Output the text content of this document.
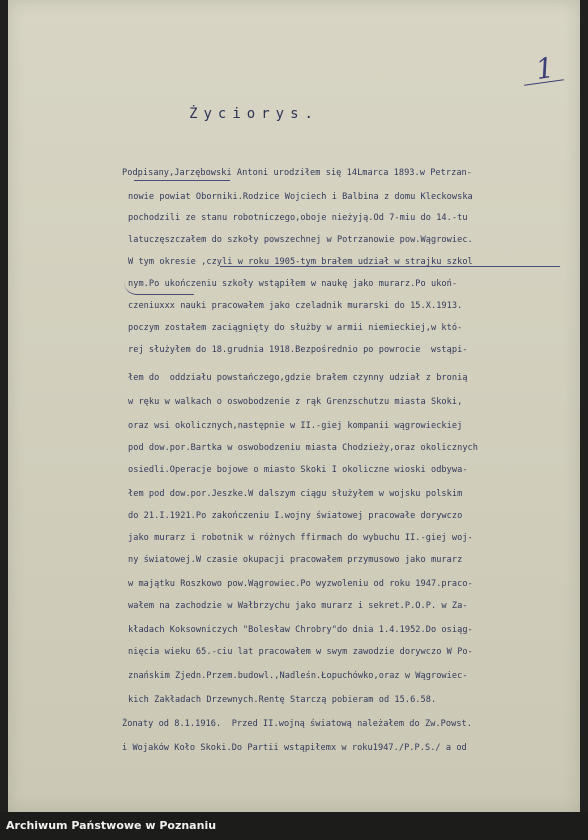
1
Życiorys.
Podpisany,Jarzębowski Antoni urodziłem się 14Lmarca 1893.w Petrzan-
nowie powiat Oborniki.Rodzice Wojciech i Balbina z domu Kleckowska
pochodzili ze stanu robotniczego,oboje nieżyją.Od 7-miu do 14.-tu
latuczęszczałem do szkoły powszechnej w Potrzanowie pow.Wągrowiec.
W tym okresie ,czyli w roku 1905-tym brałem udział w strajku szkol
nym.Po ukończeniu szkoły wstąpiłem w naukę jako murarz.Po ukoń-
czeniuxxx nauki pracowałem jako czeladnik murarski do 15.X.1913.
poczym zostałem zaciągnięty do służby w armii niemieckiej,w któ-
rej służyłem do 18.grudnia 1918.Bezpośrednio po powrocie  wstąpi-
łem do  oddziału powstańczego,gdzie brałem czynny udział z bronią
w ręku w walkach o oswobodzenie z rąk Grenzschutzu miasta Skoki,
oraz wsi okolicznych,następnie w II.-giej kompanii wągrowieckiej
pod dow.por.Bartka w oswobodzeniu miasta Chodzieży,oraz okolicznych
osiedli.Operacje bojowe o miasto Skoki I okoliczne wioski odbywa-
łem pod dow.por.Jeszke.W dalszym ciągu służyłem w wojsku polskim
do 21.I.1921.Po zakończeniu I.wojny światowej pracowałe dorywczo
jako murarz i robotnik w różnych ffirmach do wybuchu II.-giej woj-
ny światowej.W czasie okupacji pracowałem przymusowo jako murarz
w majątku Roszkowo pow.Wągrowiec.Po wyzwoleniu od roku 1947.praco-
wałem na zachodzie w Wałbrzychu jako murarz i sekret.P.O.P. w Za-
kładach Koksowniczych "Bolesław Chrobry"do dnia 1.4.1952.Do osiąg-
nięcia wieku 65.-ciu lat pracowałem w swym zawodzie dorywczo W Po-
znańskim Zjedn.Przem.budowl.,Nadleśn.Łopuchówko,oraz w Wągrowiec-
kich Zakładach Drzewnych.Rentę Starczą pobieram od 15.6.58.
Żonaty od 8.1.1916.  Przed II.wojną światową należałem do Zw.Powst.
i Wojaków Koło Skoki.Do Partii wstąpiłemx w roku1947./P.P.S./ a od
Archiwum Państwowe w Poznaniu
